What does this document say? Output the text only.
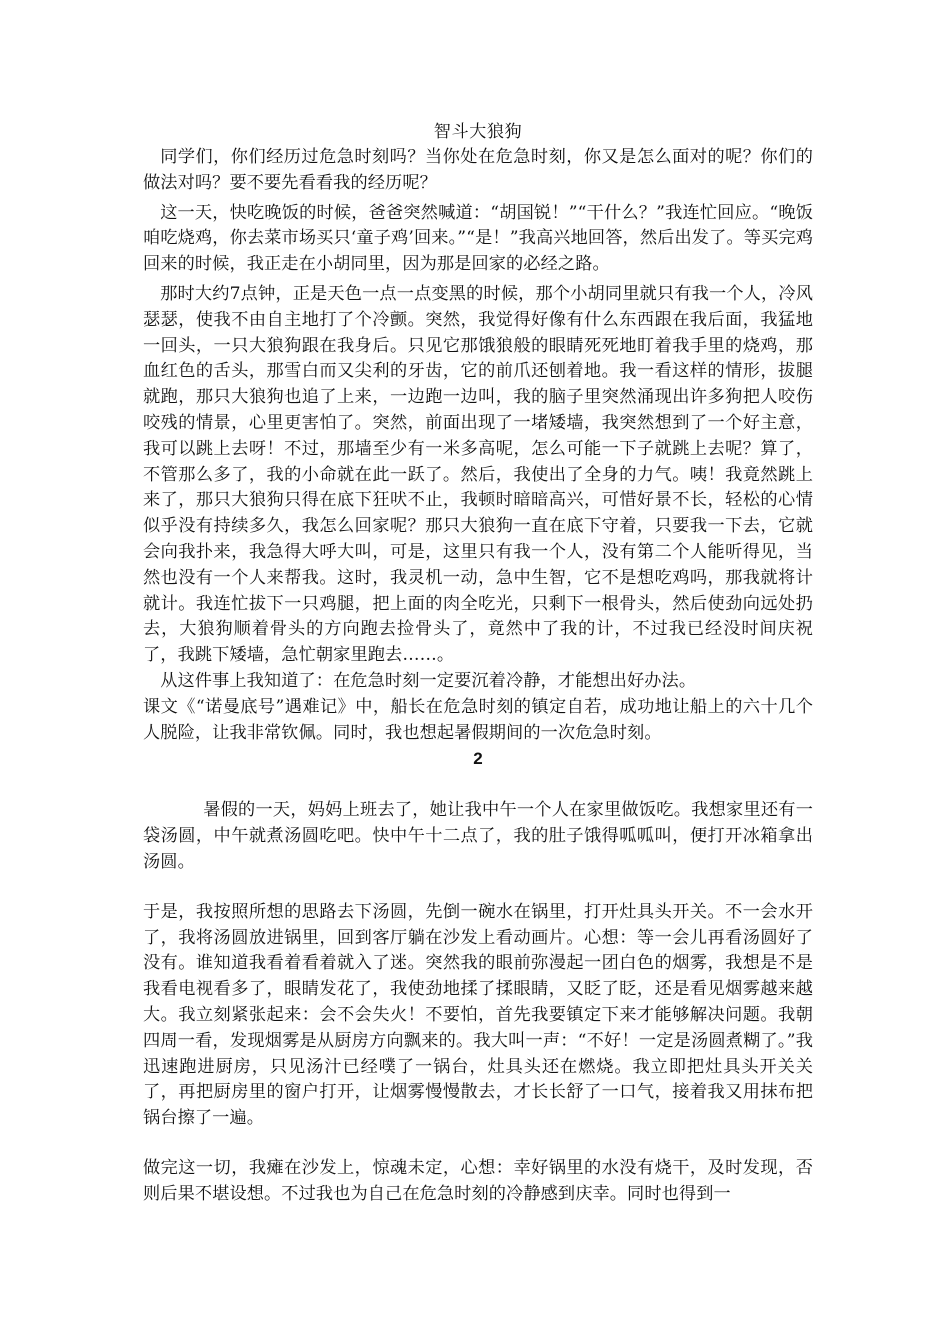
智斗大狼狗

同学们，你们经历过危急时刻吗？当你处在危急时刻，你又是怎么面对的呢？你们的做法对吗？要不要先看看我的经历呢？

这一天，快吃晚饭的时候，爸爸突然喊道：“胡国锐！”“干什么？”我连忙回应。“晚饭咱吃烧鸡，你去菜市场买只‘童子鸡’回来。”“是！”我高兴地回答，然后出发了。等买完鸡回来的时候，我正走在小胡同里，因为那是回家的必经之路。

那时大约7点钟，正是天色一点一点变黑的时候，那个小胡同里就只有我一个人，冷风瑟瑟，使我不由自主地打了个冷颤。突然，我觉得好像有什么东西跟在我后面，我猛地一回头，一只大狼狗跟在我身后。只见它那饿狼般的眼睛死死地盯着我手里的烧鸡，那血红色的舌头，那雪白而又尖利的牙齿，它的前爪还刨着地。我一看这样的情形，拔腿就跑，那只大狼狗也追了上来，一边跑一边叫，我的脑子里突然涌现出许多狗把人咬伤咬残的情景，心里更害怕了。突然，前面出现了一堵矮墙，我突然想到了一个好主意，我可以跳上去呀！不过，那墙至少有一米多高呢，怎么可能一下子就跳上去呢？算了，不管那么多了，我的小命就在此一跃了。然后，我使出了全身的力气。咦！我竟然跳上来了，那只大狼狗只得在底下狂吠不止，我顿时暗暗高兴，可惜好景不长，轻松的心情似乎没有持续多久，我怎么回家呢？那只大狼狗一直在底下守着，只要我一下去，它就会向我扑来，我急得大呼大叫，可是，这里只有我一个人，没有第二个人能听得见，当然也没有一个人来帮我。这时，我灵机一动，急中生智，它不是想吃鸡吗，那我就将计就计。我连忙拔下一只鸡腿，把上面的肉全吃光，只剩下一根骨头，然后使劲向远处扔去，大狼狗顺着骨头的方向跑去捡骨头了，竟然中了我的计，不过我已经没时间庆祝了，我跳下矮墙，急忙朝家里跑去……。

从这件事上我知道了：在危急时刻一定要沉着冷静，才能想出好办法。

课文《“诺曼底号”遇难记》中，船长在危急时刻的镇定自若，成功地让船上的六十几个人脱险，让我非常钦佩。同时，我也想起暑假期间的一次危急时刻。

2

暑假的一天，妈妈上班去了，她让我中午一个人在家里做饭吃。我想家里还有一袋汤圆，中午就煮汤圆吃吧。快中午十二点了，我的肚子饿得呱呱叫，便打开冰箱拿出汤圆。

于是，我按照所想的思路去下汤圆，先倒一碗水在锅里，打开灶具头开关。不一会水开了，我将汤圆放进锅里，回到客厅躺在沙发上看动画片。心想：等一会儿再看汤圆好了没有。谁知道我看着看着就入了迷。突然我的眼前弥漫起一团白色的烟雾，我想是不是我看电视看多了，眼睛发花了，我使劲地揉了揉眼睛，又眨了眨，还是看见烟雾越来越大。我立刻紧张起来：会不会失火！不要怕，首先我要镇定下来才能够解决问题。我朝四周一看，发现烟雾是从厨房方向飘来的。我大叫一声：“不好！一定是汤圆煮糊了。”我迅速跑进厨房，只见汤汁已经噗了一锅台，灶具头还在燃烧。我立即把灶具头开关关了，再把厨房里的窗户打开，让烟雾慢慢散去，才长长舒了一口气，接着我又用抹布把锅台擦了一遍。

做完这一切，我瘫在沙发上，惊魂未定，心想：幸好锅里的水没有烧干，及时发现，否则后果不堪设想。不过我也为自己在危急时刻的冷静感到庆幸。同时也得到一
